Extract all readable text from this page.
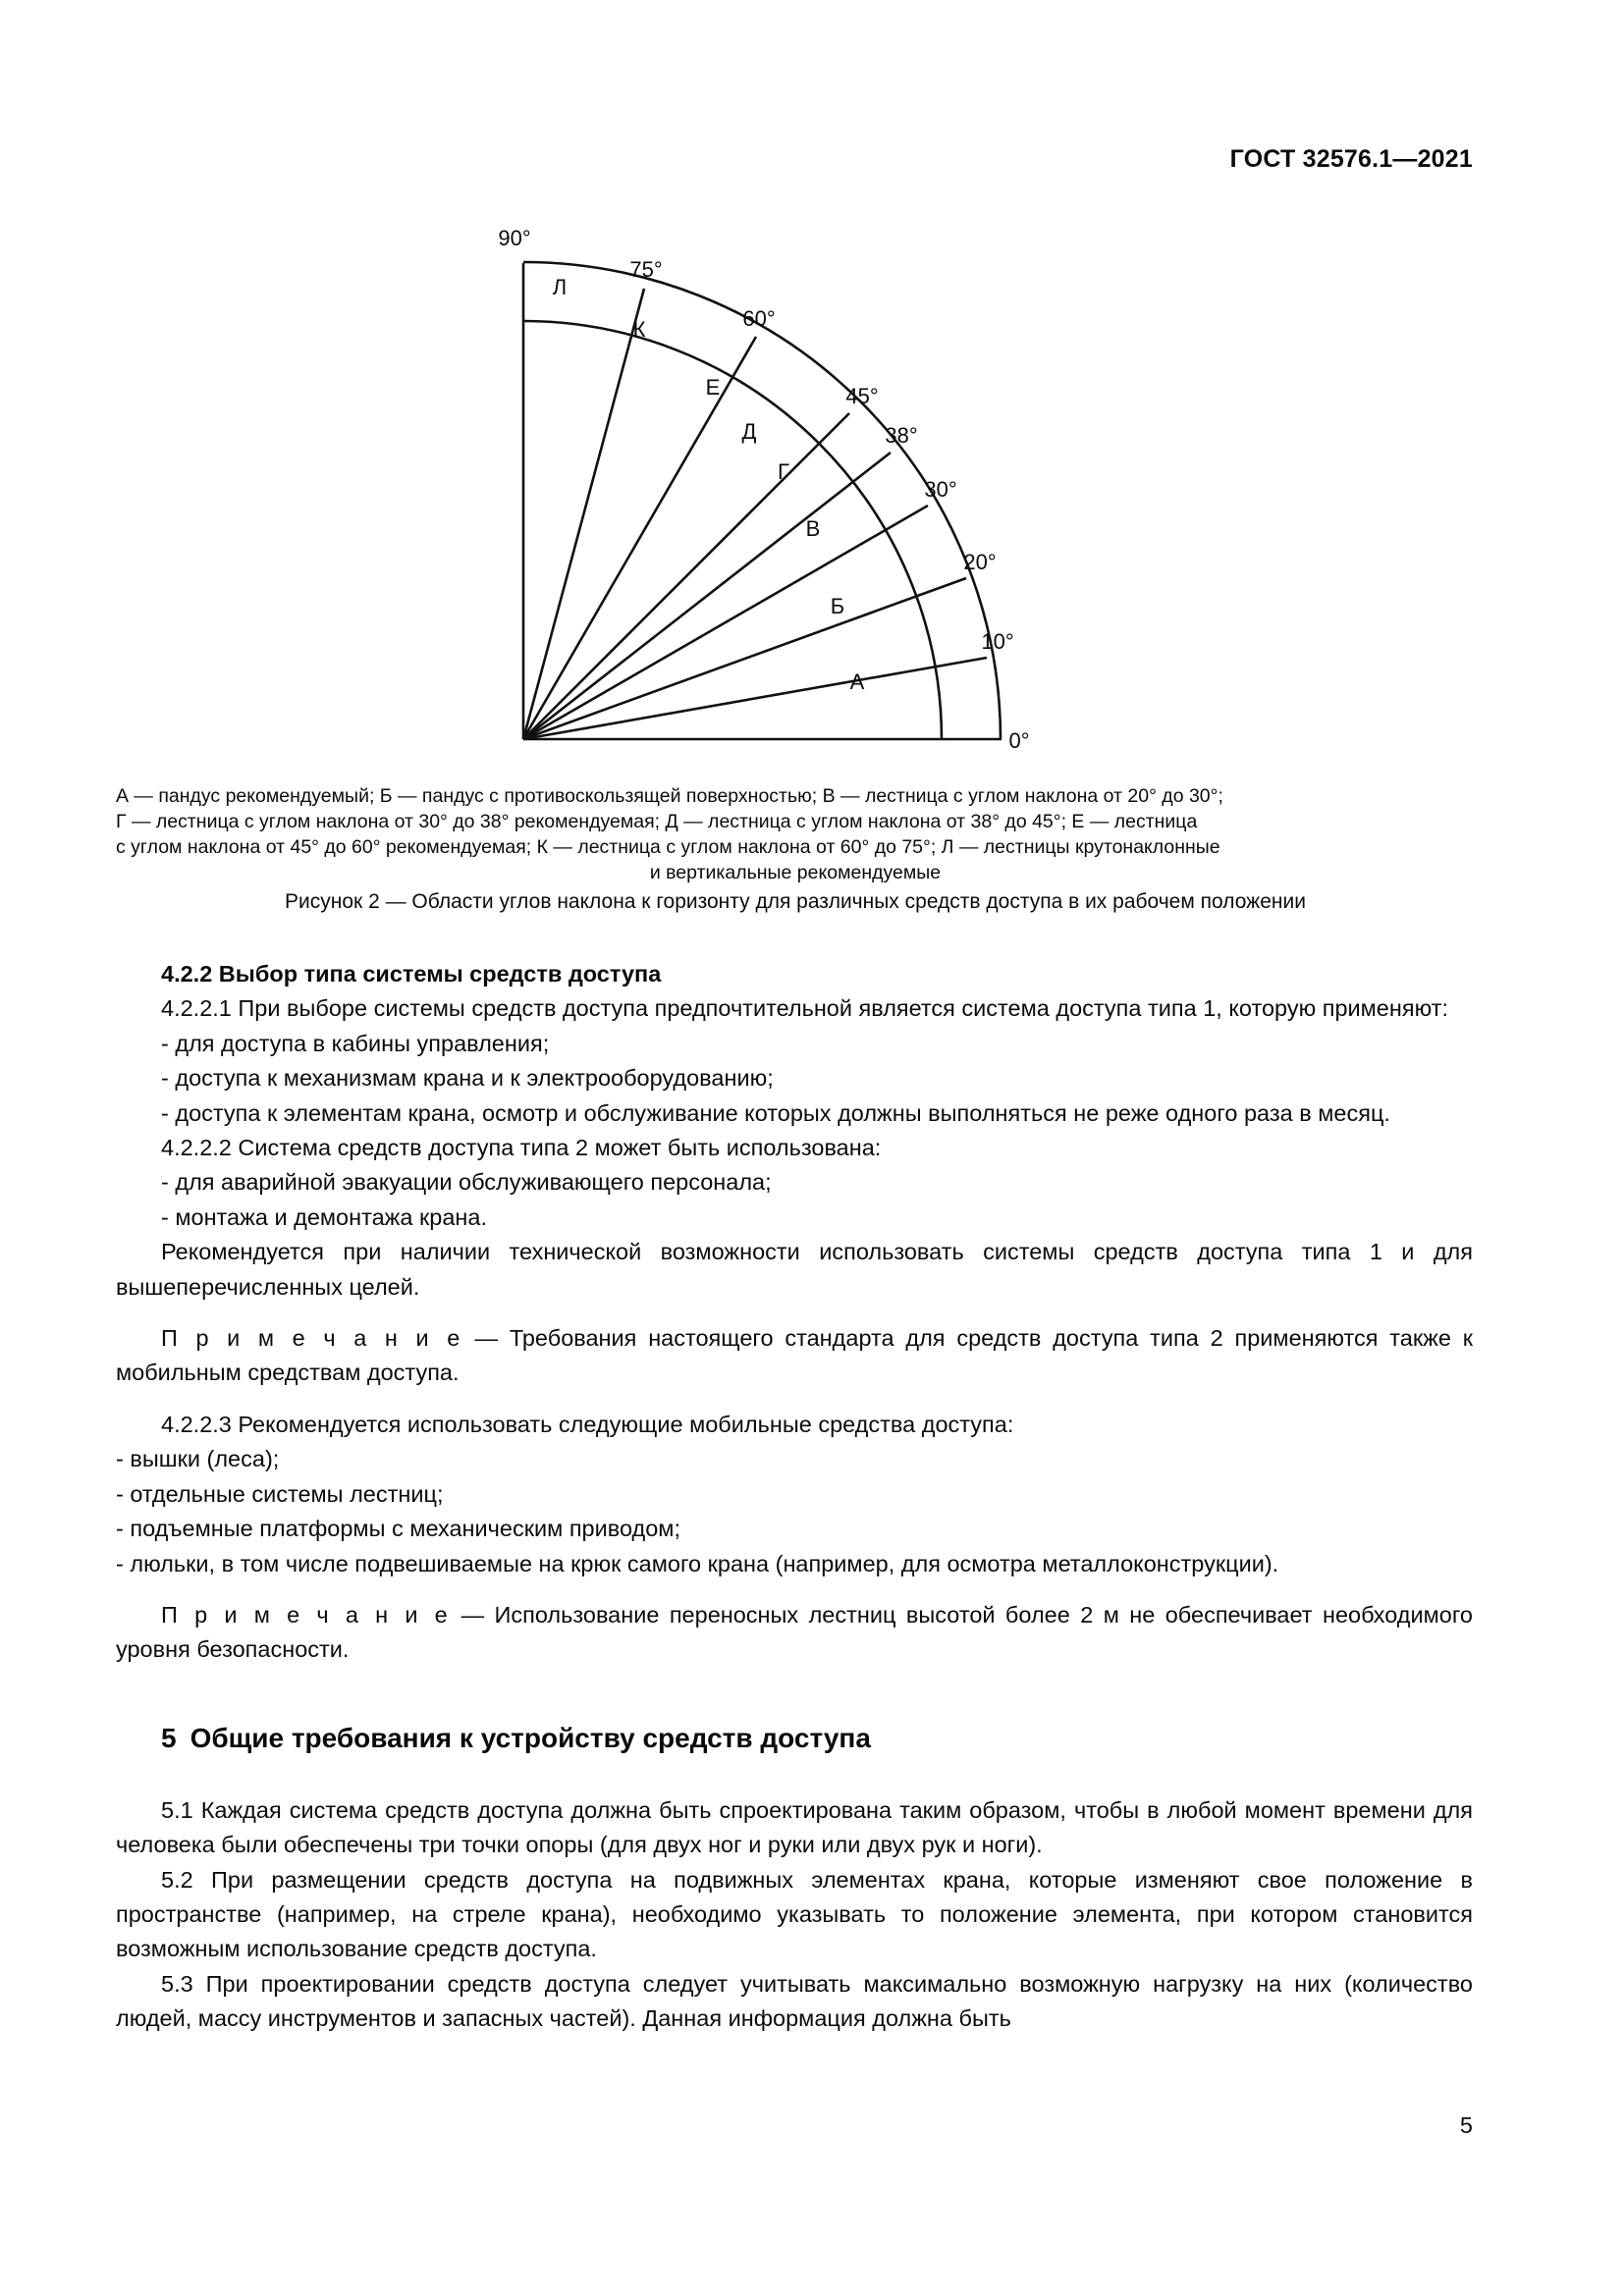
ГОСТ 32576.1—2021
90°
75°
60°
45°
38°
30°
20°
10°
0°
Л
К
Е
Д
Г
В
Б
А
А — пандус рекомендуемый; Б — пандус с противоскользящей поверхностью; В — лестница с углом наклона от 20° до 30°;
Г — лестница с углом наклона от 30° до 38° рекомендуемая; Д — лестница с углом наклона от 38° до 45°; Е — лестница
с углом наклона от 45° до 60° рекомендуемая; К — лестница с углом наклона от 60° до 75°; Л — лестницы крутонаклонные
и вертикальные рекомендуемые
Рисунок 2 — Области углов наклона к горизонту для различных средств доступа в их рабочем положении
4.2.2 Выбор типа системы средств доступа

4.2.2.1 При выборе системы средств доступа предпочтительной является система доступа типа 1, которую применяют:

- для доступа в кабины управления;

- доступа к механизмам крана и к электрооборудованию;

- доступа к элементам крана, осмотр и обслуживание которых должны выполняться не реже одного раза в месяц.

4.2.2.2 Система средств доступа типа 2 может быть использована:

- для аварийной эвакуации обслуживающего персонала;

- монтажа и демонтажа крана.

Рекомендуется при наличии технической возможности использовать системы средств доступа типа 1 и для вышеперечисленных целей.

П р и м е ч а н и е — Требования настоящего стандарта для средств доступа типа 2 применяются также к мобильным средствам доступа.

4.2.2.3 Рекомендуется использовать следующие мобильные средства доступа:

- вышки (леса);

- отдельные системы лестниц;

- подъемные платформы с механическим приводом;

- люльки, в том числе подвешиваемые на крюк самого крана (например, для осмотра металлоконструкции).

П р и м е ч а н и е — Использование переносных лестниц высотой более 2 м не обеспечивает необходимого уровня безопасности.

5 Общие требования к устройству средств доступа

5.1 Каждая система средств доступа должна быть спроектирована таким образом, чтобы в любой момент времени для человека были обеспечены три точки опоры (для двух ног и руки или двух рук и ноги).

5.2 При размещении средств доступа на подвижных элементах крана, которые изменяют свое положение в пространстве (например, на стреле крана), необходимо указывать то положение элемента, при котором становится возможным использование средств доступа.

5.3 При проектировании средств доступа следует учитывать максимально возможную нагрузку на них (количество людей, массу инструментов и запасных частей). Данная информация должна быть

5
